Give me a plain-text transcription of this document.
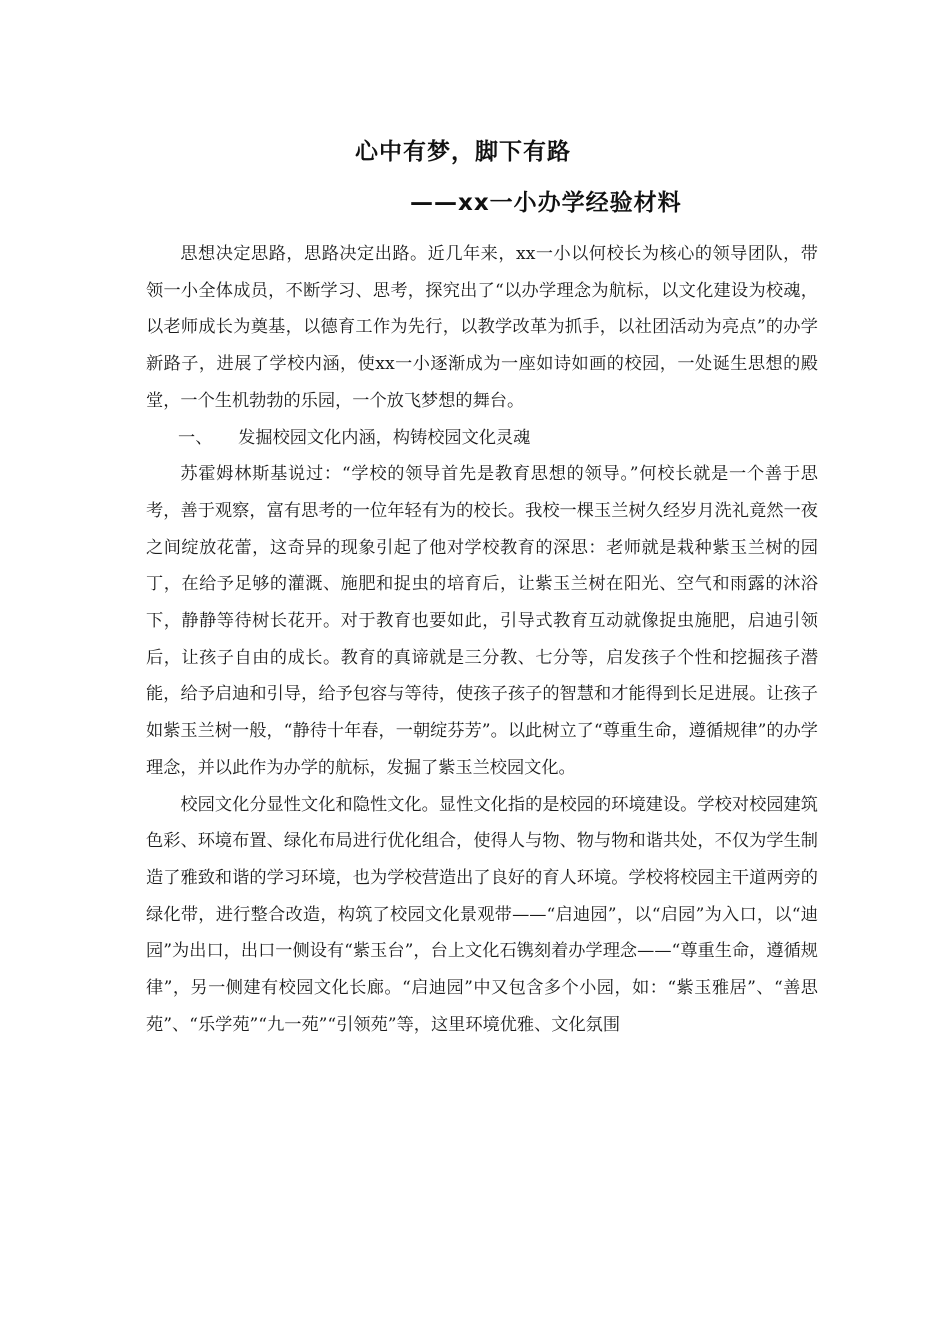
心中有梦，脚下有路
——xx一小办学经验材料

思想决定思路，思路决定出路。近几年来，xx一小以何校长为核心的领导团队，带领一小全体成员，不断学习、思考，探究出了“以办学理念为航标，以文化建设为校魂，以老师成长为奠基，以德育工作为先行，以教学改革为抓手，以社团活动为亮点”的办学新路子，进展了学校内涵，使xx一小逐渐成为一座如诗如画的校园，一处诞生思想的殿堂，一个生机勃勃的乐园，一个放飞梦想的舞台。

一、　　发掘校园文化内涵，构铸校园文化灵魂

苏霍姆林斯基说过：“学校的领导首先是教育思想的领导。”何校长就是一个善于思考，善于观察，富有思考的一位年轻有为的校长。我校一棵玉兰树久经岁月洗礼竟然一夜之间绽放花蕾，这奇异的现象引起了他对学校教育的深思：老师就是栽种紫玉兰树的园丁，在给予足够的灌溉、施肥和捉虫的培育后，让紫玉兰树在阳光、空气和雨露的沐浴下，静静等待树长花开。对于教育也要如此，引导式教育互动就像捉虫施肥，启迪引领后，让孩子自由的成长。教育的真谛就是三分教、七分等，启发孩子个性和挖掘孩子潜能，给予启迪和引导，给予包容与等待，使孩子孩子的智慧和才能得到长足进展。让孩子如紫玉兰树一般，“静待十年春，一朝绽芬芳”。以此树立了“尊重生命，遵循规律”的办学理念，并以此作为办学的航标，发掘了紫玉兰校园文化。

校园文化分显性文化和隐性文化。显性文化指的是校园的环境建设。学校对校园建筑色彩、环境布置、绿化布局进行优化组合，使得人与物、物与物和谐共处，不仅为学生制造了雅致和谐的学习环境，也为学校营造出了良好的育人环境。学校将校园主干道两旁的绿化带，进行整合改造，构筑了校园文化景观带——“启迪园”，以“启园”为入口，以“迪园”为出口，出口一侧设有“紫玉台”，台上文化石镌刻着办学理念——“尊重生命，遵循规律”，另一侧建有校园文化长廊。“启迪园”中又包含多个小园，如：“紫玉雅居”、“善思苑”、“乐学苑”“九一苑”“引领苑”等，这里环境优雅、文化氛围
